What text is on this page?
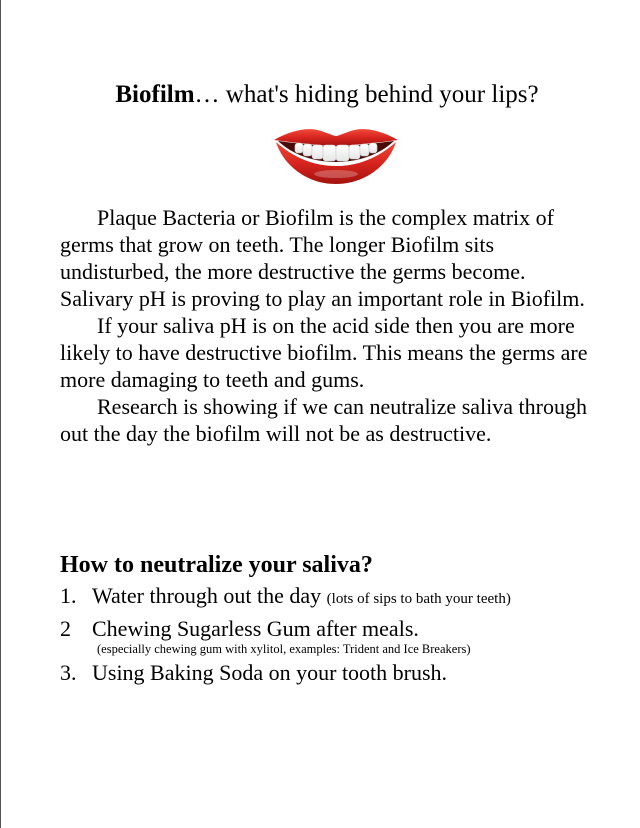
Biofilm… what's hiding behind your lips?

Plaque Bacteria or Biofilm is the complex matrix of germs that grow on teeth. The longer Biofilm sits undisturbed, the more destructive the germs become. Salivary pH is proving to play an important role in Biofilm.

If your saliva pH is on the acid side then you are more likely to have destructive biofilm. This means the germs are more damaging to teeth and gums.

Research is showing if we can neutralize saliva through out the day the biofilm will not be as destructive.

How to neutralize your saliva?
1. Water through out the day (lots of sips to bath your teeth)
2 Chewing Sugarless Gum after meals.
(especially chewing gum with xylitol, examples: Trident and Ice Breakers)
3. Using Baking Soda on your tooth brush.
